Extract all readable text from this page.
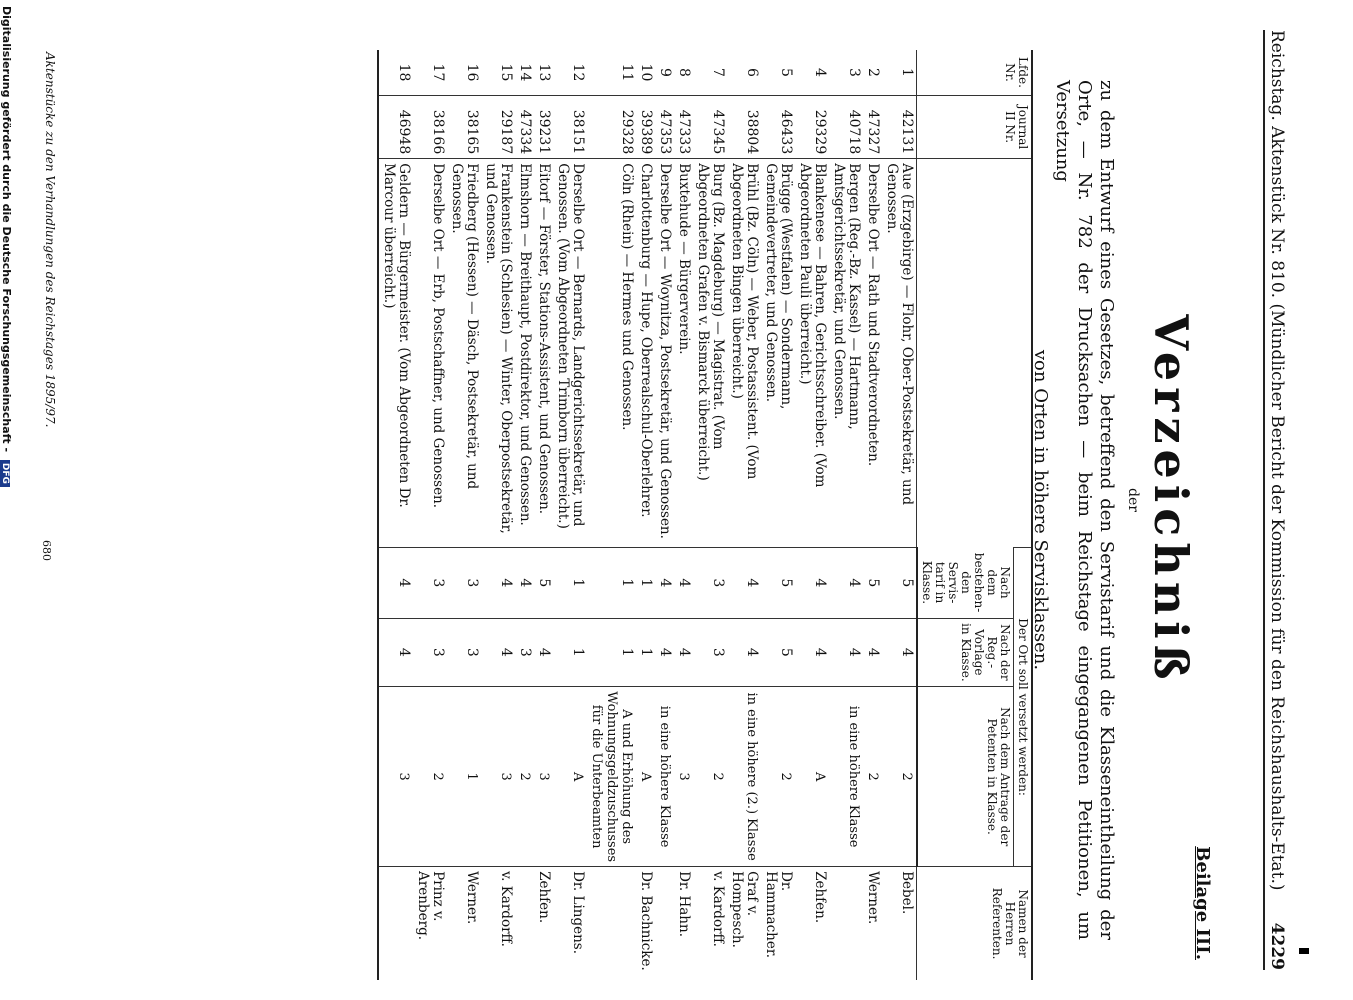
Reichstag. Aktenstück Nr. 810. (Mündlicher Bericht der Kommission für den Reichshaushalts-Etat.)
4229
Beilage III.
Verzeichniß
der
zu dem Entwurf eines Gesetzes, betreffend den Servistarif und die Klasseneintheilung der Orte, — Nr. 782 der Drucksachen — beim Reichstage eingegangenen Petitionen, um Versetzung
von Orten in höhere Servisklassen.
Lfde. Nr.	Journal II Nr.		Der Ort soll versetzt werden:			Namen der Herren Referenten.
			Nach dem bestehen-den Servis-tarif in Klasse.	Nach der Reg.-Vorlage in Klasse.	Nach dem Antrage der Petenten in Klasse.	
1	42131	Aue (Erzgebirge) — Flohr, Ober-Postsekretär, und Genossen.	5	4	2	Bebel.
2	47327	Derselbe Ort — Rath und Stadtverordneten.	5	4	2	Werner.
3	40718	Bergen (Reg.-Bz. Kassel) — Hartmann, Amtsgerichtssekretär, und Genossen.	4	4	in eine höhere Klasse	
4	29329	Blankenese — Bahren, Gerichtsschreiber. (Vom Abgeordneten Pauli überreicht.)	4	4	A	Zehfen.
5	46433	Brügge (Westfalen) — Sondermann, Gemeindevertreter, und Genossen.	5	5	2	Dr. Hammacher.
6	38804	Brühl (Bz. Cöln) — Weber, Postassistent. (Vom Abgeordneten Bingen überreicht.)	4	4	in eine höhere (2.) Klasse	Graf v. Hompesch.
7	47345	Burg (Bz. Magdeburg) — Magistrat. (Vom Abgeordneten Grafen v. Bismarck überreicht.)	3	3	2	v. Kardorff.
8	47333	Buxtehude — Bürgerverein.	4	4	3	Dr. Hahn.
9	47353	Derselbe Ort — Woynitza, Postsekretär, und Genossen.	4	4	in eine höhere Klasse	
10	39389	Charlottenburg — Hupe, Oberrealschul-Oberlehrer.	1	1	A	Dr. Bachnicke.
11	29328	Cöln (Rhein) — Hermes und Genossen.	1	1	A und Erhöhung des Wohnungsgeldzuschusses für die Unterbeamten	
12	38151	Derselbe Ort — Bernards, Landgerichtssekretär, und Genossen. (Vom Abgeordneten Trimborn überreicht.)	1	1	A	Dr. Lingens.
13	39231	Eitorf — Förster, Stations-Assistent, und Genossen.	5	4	3	Zehfen.
14	47334	Elmshorn — Breithaupt, Postdirektor, und Genossen.	4	3	2	
15	29187	Frankenstein (Schlesien) — Winter, Oberpostsekretär, und Genossen.	4	4	3	v. Kardorff.
16	38165	Friedberg (Hessen) — Däsch, Postsekretär, und Genossen.	3	3	1	Werner.
17	38166	Derselbe Ort — Erb, Postschaffner, und Genossen.	3	3	2	Prinz v. Arenberg.
18	46948	Geldern — Bürgermeister. (Vom Abgeordneten Dr. Marcour überreicht.)	4	4	3	
Aktenstücke zu den Verhandlungen des Reichstages 1895/97.
680
Digitalisierung gefördert durch die Deutsche Forschungsgemeinschaft - DFG
